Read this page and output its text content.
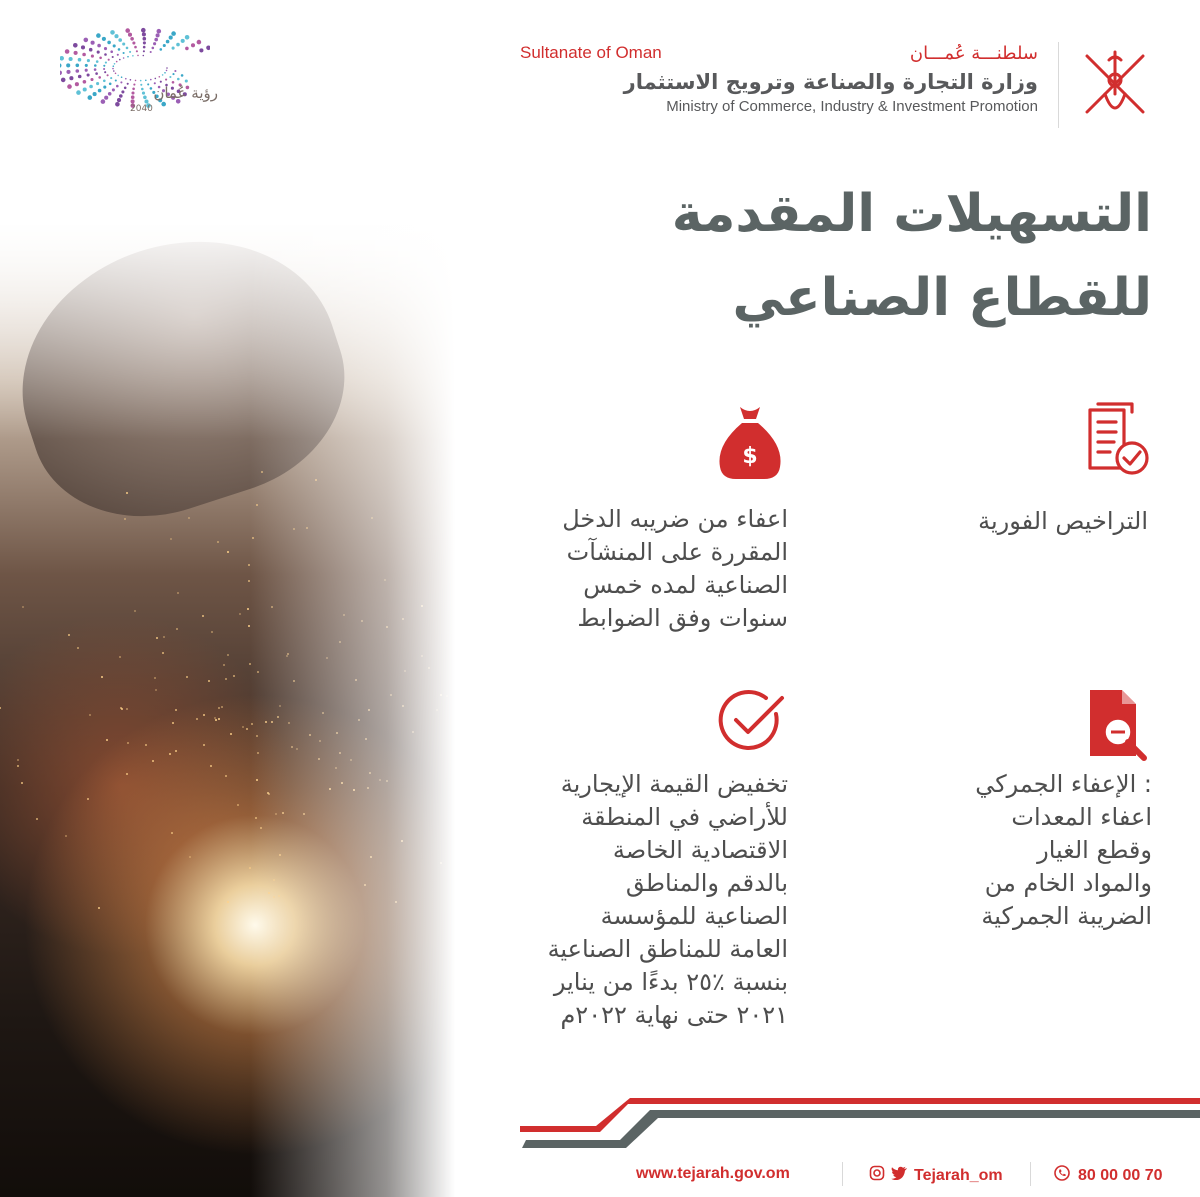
رؤية عُمان
2040
Sultanate of Oman	سلطنـــة عُمـــان
وزارة التجارة والصناعة وترويج الاستثمار
Ministry of Commerce, Industry & Investment Promotion
التسهيلات المقدمة
للقطاع الصناعي
التراخيص الفورية
$
اعفاء من ضريبه الدخل
المقررة على المنشآت
الصناعية لمده خمس
سنوات وفق الضوابط
الإعفاء الجمركي :
اعفاء المعدات
وقطع الغيار
والمواد الخام من
الضريبة الجمركية
تخفيض القيمة الإيجارية
للأراضي في المنطقة
الاقتصادية الخاصة
بالدقم والمناطق
الصناعية للمؤسسة
العامة للمناطق الصناعية
بنسبة ٪٢٥ بدءًا من يناير
٢٠٢١ حتى نهاية ٢٠٢٢م
www.tejarah.gov.om	Tejarah_om	80 00 00 70
